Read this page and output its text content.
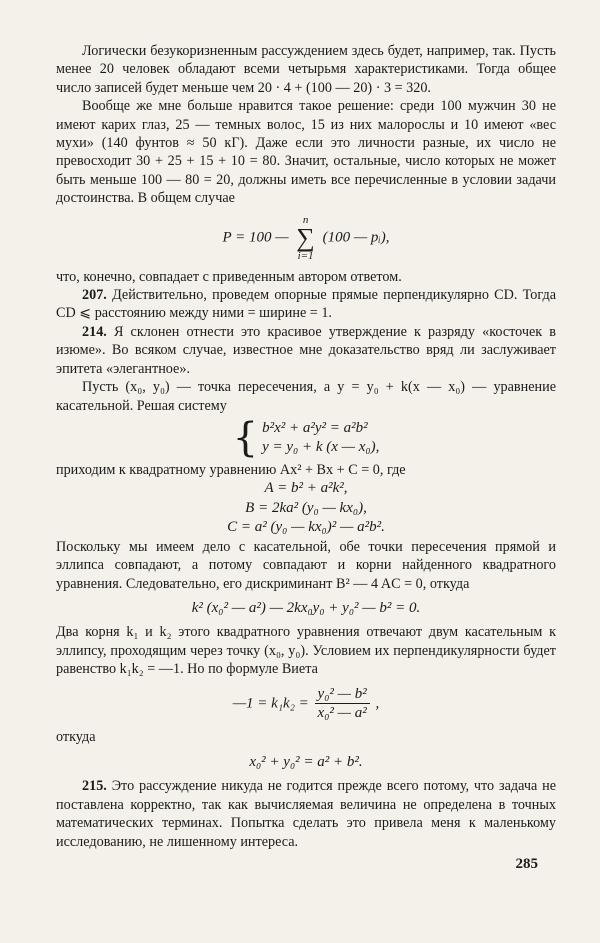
Логически безукоризненным рассуждением здесь будет, например, так. Пусть менее 20 человек обладают всеми четырьмя характеристиками. Тогда общее число записей будет меньше чем 20 · 4 + (100 — 20) · 3 = 320.

Вообще же мне больше нравится такое решение: среди 100 мужчин 30 не имеют карих глаз, 25 — темных волос, 15 из них малорослы и 10 имеют «вес мухи» (140 фунтов ≈ 50 кГ). Даже если это личности разные, их число не превосходит 30 + 25 + 15 + 10 = 80. Значит, остальные, число которых не может быть меньше 100 — 80 = 20, должны иметь все перечисленные в условии задачи достоинства. В общем случае

P = 100 —
n
∑
i=1
(100 — pᵢ),

что, конечно, совпадает с приведенным автором ответом.

207. Действительно, проведем опорные прямые перпендикулярно CD. Тогда CD ⩽ расстоянию между ними = ширине = 1.

214. Я склонен отнести это красивое утверждение к разряду «косточек в изюме». Во всяком случае, известное мне доказательство вряд ли заслуживает эпитета «элегантное».

Пусть (x₀, y₀) — точка пересечения, а y = y₀ + k(x — x₀) — уравнение касательной. Решая систему

{ b²x² + a²y² = a²b²
y = y₀ + k (x — x₀),

приходим к квадратному уравнению Ax² + Bx + C = 0, где

A = b² + a²k²,
B = 2ka² (y₀ — kx₀),
C = a² (y₀ — kx₀)² — a²b².

Поскольку мы имеем дело с касательной, обе точки пересечения прямой и эллипса совпадают, а потому совпадают и корни найденного квадратного уравнения. Следовательно, его дискриминант B² — 4 AC = 0, откуда

k² (x₀² — a²) — 2kx₀y₀ + y₀² — b² = 0.

Два корня k₁ и k₂ этого квадратного уравнения отвечают двум касательным к эллипсу, проходящим через точку (x₀, y₀). Условием их перпендикулярности будет равенство k₁k₂ = —1. Но по формуле Виета

—1 = $k_1k_2 = \frac{\text{y₀² — b²}}{\text{x₀² — a²}}$ ,

откуда

x₀² + y₀² = a² + b².

215. Это рассуждение никуда не годится прежде всего потому, что задача не поставлена корректно, так как вычисляемая величина не определена в точных математических терминах. Попытка сделать это привела меня к маленькому исследованию, не лишенному интереса.

285
